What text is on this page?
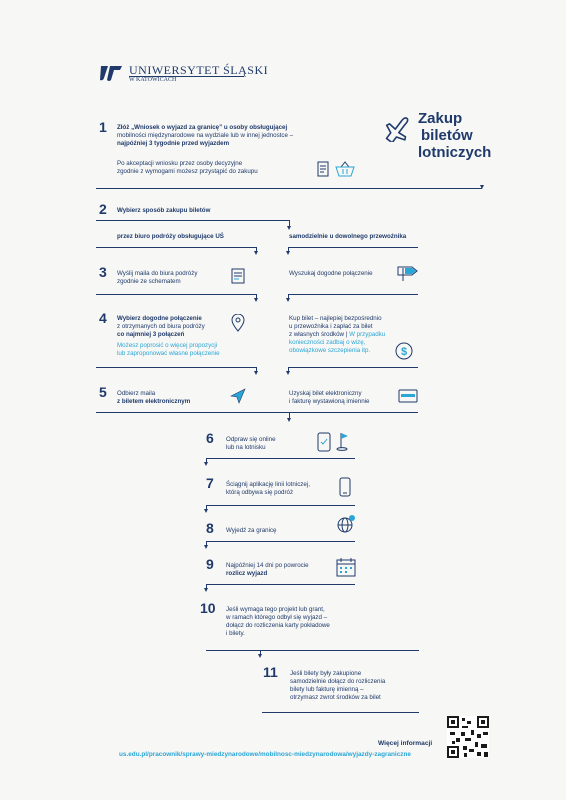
UNIWERSYTET ŚLĄSKI
W KATOWICACH
Zakup
biletów
lotniczych
1 Złóż „Wniosek o wyjazd za granicę” u osoby obsługującej
mobilności międzynarodowe na wydziale lub w innej jednostce –
najpóźniej 3 tygodnie przed wyjazdem
Po akceptacji wniosku przez osoby decyzyjne
zgodnie z wymogami możesz przystąpić do zakupu
2 Wybierz sposób zakupu biletów
przez biuro podróży obsługujące UŚ	samodzielnie u dowolnego przewoźnika
3 Wyślij maila do biura podróży
zgodnie ze schematem
Wyszukaj dogodne połączenie
4 Wybierz dogodne połączenie
z otrzymanych od biura podróży
co najmniej 3 połączeń
Możesz poprosić o więcej propozycji
lub zaproponować własne połączenie
Kup bilet – najlepiej bezpośrednio
u przewoźnika i zapłać za bilet
z własnych środków | W przypadku
konieczności zadbaj o wizę,
obowiązkowe szczepienia itp.	$
5 Odbierz maila
z biletem elektronicznym
Uzyskaj bilet elektroniczny
i fakturę wystawioną imiennie
6 Odpraw się online
lub na lotnisku
7 Ściągnij aplikację linii lotniczej,
którą odbywa się podróż
8 Wyjedź za granicę
9 Najpóźniej 14 dni po powrocie
rozlicz wyjazd
10 Jeśli wymaga tego projekt lub grant,
w ramach którego odbył się wyjazd –
dołącz do rozliczenia karty pokładowe
i bilety.
11 Jeśli bilety były zakupione
samodzielnie dołącz do rozliczenia
bilety lub fakturę imienną –
otrzymasz zwrot środków za bilet
Więcej informacji
us.edu.pl/pracownik/sprawy-miedzynarodowe/mobilnosc-miedzynarodowa/wyjazdy-zagraniczne
